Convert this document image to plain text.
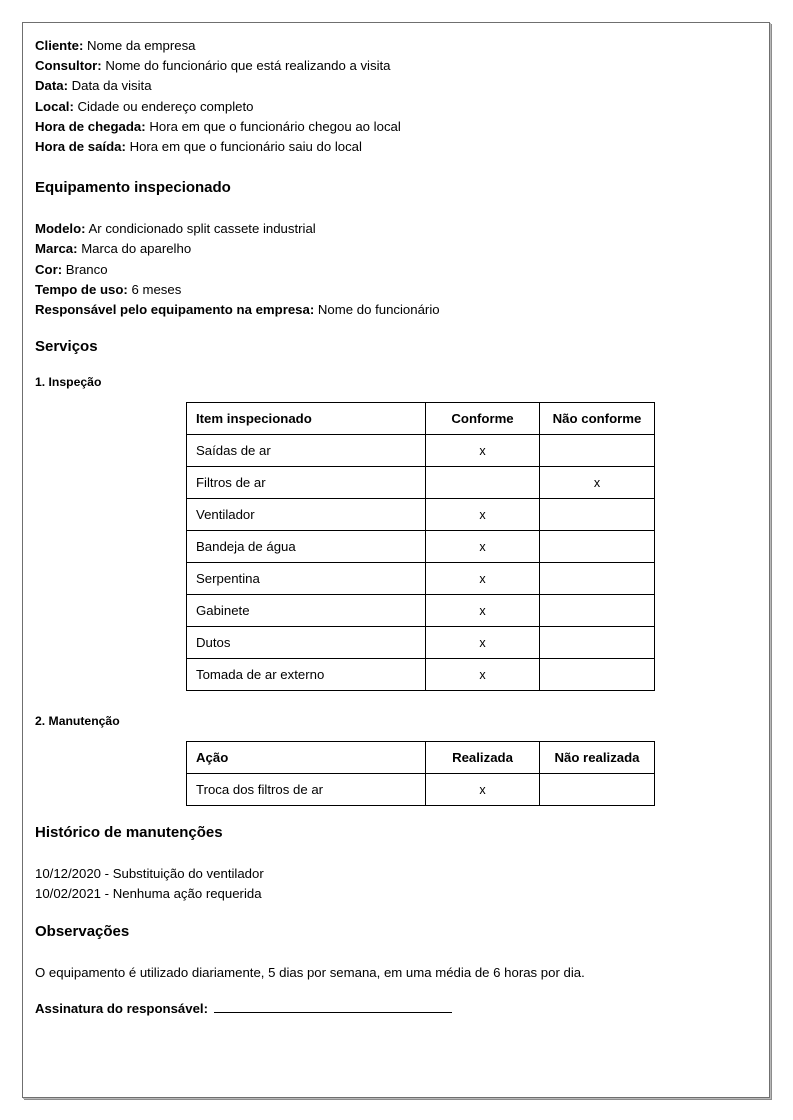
Cliente: Nome da empresa
Consultor: Nome do funcionário que está realizando a visita
Data: Data da visita
Local: Cidade ou endereço completo
Hora de chegada: Hora em que o funcionário chegou ao local
Hora de saída: Hora em que o funcionário saiu do local
Equipamento inspecionado
Modelo: Ar condicionado split cassete industrial
Marca: Marca do aparelho
Cor: Branco
Tempo de uso: 6 meses
Responsável pelo equipamento na empresa: Nome do funcionário
Serviços
1. Inspeção
Item inspecionado	Conforme	Não conforme
Saídas de ar	x	
Filtros de ar		x
Ventilador	x	
Bandeja de água	x	
Serpentina	x	
Gabinete	x	
Dutos	x	
Tomada de ar externo	x	
2. Manutenção
Ação	Realizada	Não realizada
Troca dos filtros de ar	x	
Histórico de manutenções
10/12/2020 - Substituição do ventilador
10/02/2021 - Nenhuma ação requerida
Observações
O equipamento é utilizado diariamente, 5 dias por semana, em uma média de 6 horas por dia.
Assinatura do responsável:
